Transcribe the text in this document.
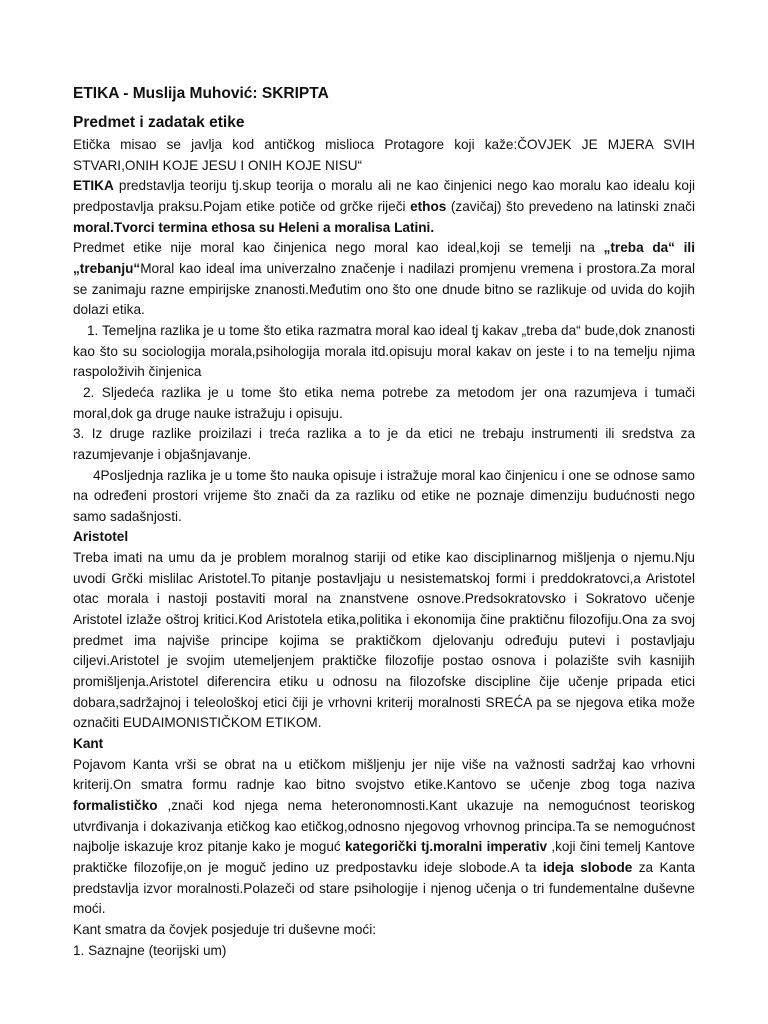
ETIKA - Muslija Muhović: SKRIPTA
Predmet i zadatak etike

Etička misao se javlja kod antičkog mislioca Protagore koji kaže:ČOVJEK JE MJERA SVIH STVARI,ONIH KOJE JESU I ONIH KOJE NISU“

ETIKA predstavlja teoriju tj.skup teorija o moralu ali ne kao činjenici nego kao moralu kao idealu koji predpostavlja praksu.Pojam etike potiče od grčke riječi ethos (zavičaj) što prevedeno na latinski znači moral.Tvorci termina ethosa su Heleni a moralisa Latini.

Predmet etike nije moral kao činjenica nego moral kao ideal,koji se temelji na „treba da“ ili „trebanju“Moral kao ideal ima univerzalno značenje i nadilazi promjenu vremena i prostora.Za moral se zanimaju razne empirijske znanosti.Međutim ono što one dnude bitno se razlikuje od uvida do kojih dolazi etika.

1. Temeljna razlika je u tome što etika razmatra moral kao ideal tj kakav „treba da“ bude,dok znanosti kao što su sociologija morala,psihologija morala itd.opisuju moral kakav on jeste i to na temelju njima raspoloživih činjenica

2. Sljedeća razlika je u tome što etika nema potrebe za metodom jer ona razumjeva i tumači moral,dok ga druge nauke istražuju i opisuju.

3. Iz druge razlike proizilazi i treća razlika a to je da etici ne trebaju instrumenti ili sredstva za razumjevanje i objašnjavanje.

4Posljednja razlika je u tome što nauka opisuje i istražuje moral kao činjenicu i one se odnose samo na određeni prostori vrijeme što znači da za razliku od etike ne poznaje dimenziju budućnosti nego samo sadašnjosti.

Aristotel

Treba imati na umu da je problem moralnog stariji od etike kao disciplinarnog mišljenja o njemu.Nju uvodi Grčki mislilac Aristotel.To pitanje postavljaju u nesistematskoj formi i preddokratovci,a Aristotel otac morala i nastoji postaviti moral na znanstvene osnove.Predsokratovsko i Sokratovo učenje Aristotel izlaže oštroj kritici.Kod Aristotela etika,politika i ekonomija čine praktičnu filozofiju.Ona za svoj predmet ima najviše principe kojima se praktičkom djelovanju određuju putevi i postavljaju ciljevi.Aristotel je svojim utemeljenjem praktičke filozofije postao osnova i polazište svih kasnijih promišljenja.Aristotel diferencira etiku u odnosu na filozofske discipline čije učenje pripada etici dobara,sadržajnoj i teleološkoj etici čiji je vrhovni kriterij moralnosti SREĆA pa se njegova etika može označiti EUDAIMONISTIČKOM ETIKOM.

Kant

Pojavom Kanta vrši se obrat na u etičkom mišljenju jer nije više na važnosti sadržaj kao vrhovni kriterij.On smatra formu radnje kao bitno svojstvo etike.Kantovo se učenje zbog toga naziva formalističko ,znači kod njega nema heteronomnosti.Kant ukazuje na nemogućnost teoriskog utvrđivanja i dokazivanja etičkog kao etičkog,odnosno njegovog vrhovnog principa.Ta se nemogućnost najbolje iskazuje kroz pitanje kako je moguć kategorički tj.moralni imperativ ,koji čini temelj Kantove praktičke filozofije,on je moguč jedino uz predpostavku ideje slobode.A ta ideja slobode za Kanta predstavlja izvor moralnosti.Polazeči od stare psihologije i njenog učenja o tri fundementalne duševne moći.

Kant smatra da čovjek posjeduje tri duševne moći:

1. Saznajne (teorijski um)
